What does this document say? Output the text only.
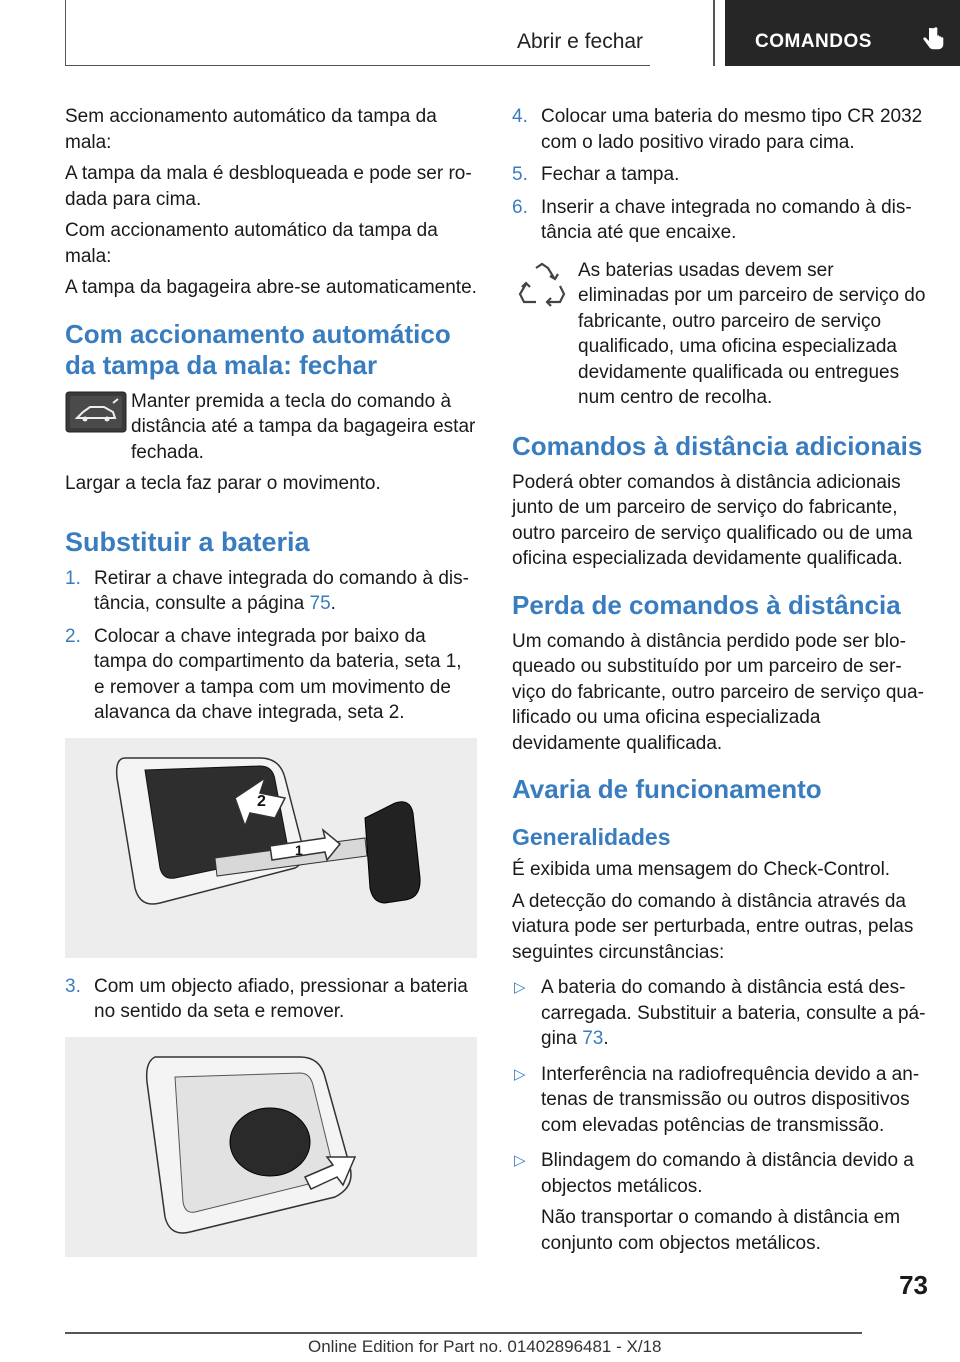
Abrir e fechar	COMANDOS

Sem accionamento automático da tampa da mala:

A tampa da mala é desbloqueada e pode ser rodada para cima.

Com accionamento automático da tampa da mala:

A tampa da bagageira abre-se automaticamente.

Com accionamento automático da tampa da mala: fechar
Manter premida a tecla do comando à distância até a tampa da bagageira estar fechada.

Largar a tecla faz parar o movimento.

Substituir a bateria
1. Retirar a chave integrada do comando à distância, consulte a página 75.
2. Colocar a chave integrada por baixo da tampa do compartimento da bateria, seta 1, e remover a tampa com um movimento de alavanca da chave integrada, seta 2.
2
1
3. Com um objecto afiado, pressionar a bateria no sentido da seta e remover.
4. Colocar uma bateria do mesmo tipo CR 2032 com o lado positivo virado para cima.
5. Fechar a tampa.
6. Inserir a chave integrada no comando à distância até que encaixe.
As baterias usadas devem ser eliminadas por um parceiro de serviço do fabricante, outro parceiro de serviço qualificado, uma oficina especializada devidamente qualificada ou entregues num centro de recolha.
Comandos à distância adicionais

Poderá obter comandos à distância adicionais junto de um parceiro de serviço do fabricante, outro parceiro de serviço qualificado ou de uma oficina especializada devidamente qualificada.

Perda de comandos à distância

Um comando à distância perdido pode ser bloqueado ou substituído por um parceiro de serviço do fabricante, outro parceiro de serviço qualificado ou uma oficina especializada devidamente qualificada.

Avaria de funcionamento
Generalidades

É exibida uma mensagem do Check-Control.

A detecção do comando à distância através da viatura pode ser perturbada, entre outras, pelas seguintes circunstâncias:

▷ A bateria do comando à distância está descarregada. Substituir a bateria, consulte a página 73.
▷ Interferência na radiofrequência devido a antenas de transmissão ou outros dispositivos com elevadas potências de transmissão.
▷ Blindagem do comando à distância devido a objectos metálicos.
Não transportar o comando à distância em conjunto com objectos metálicos.
73
Online Edition for Part no. 01402896481 - X/18
